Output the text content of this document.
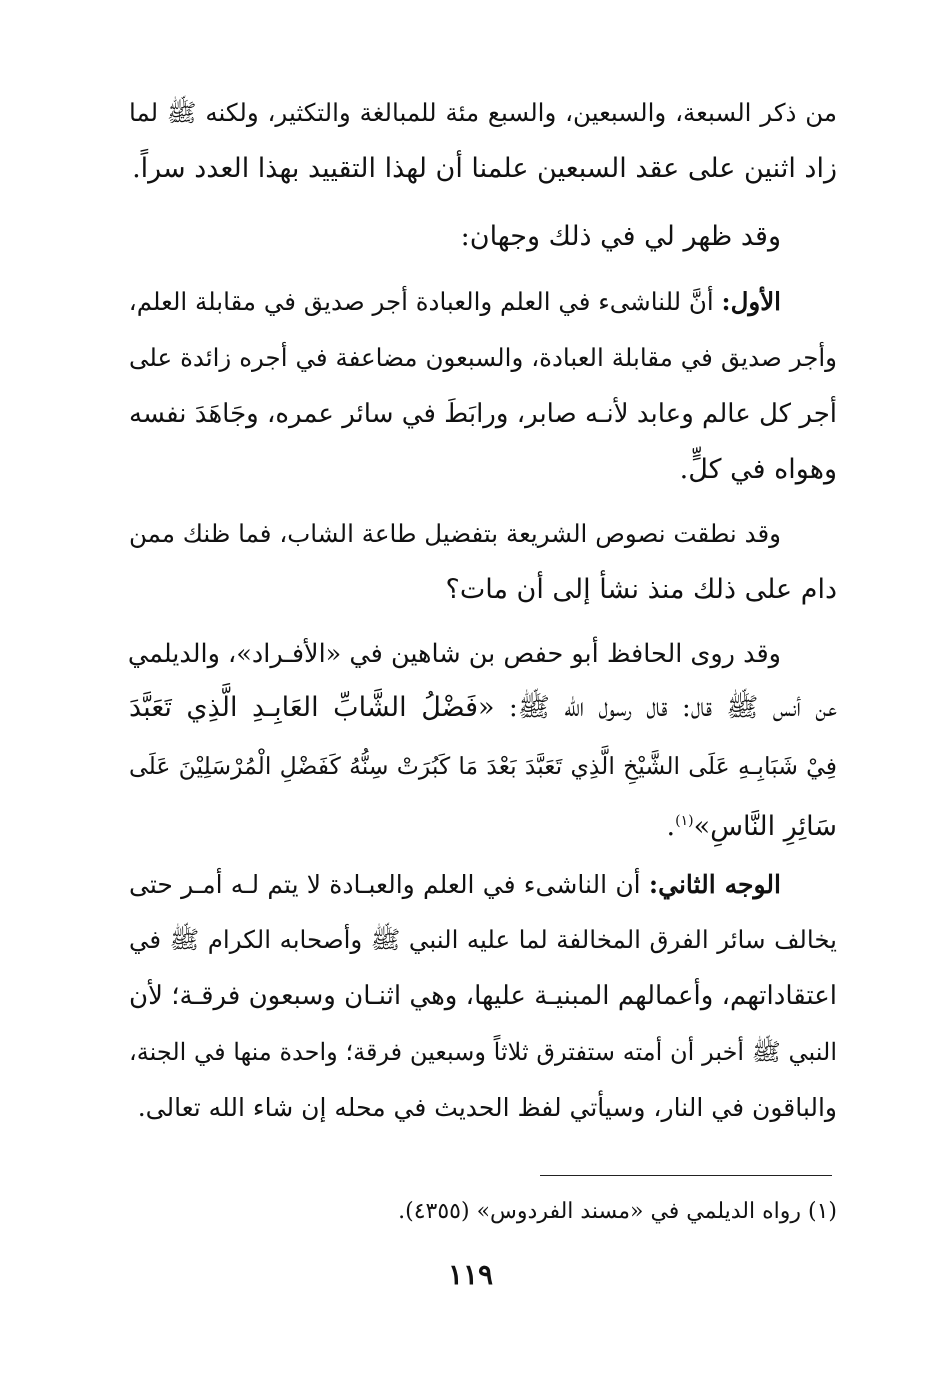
من ذكر السبعة، والسبعين، والسبع مئة للمبالغة والتكثير، ولكنه ﷺ لما
زاد اثنين على عقد السبعين علمنا أن لهذا التقييد بهذا العدد سراً.
وقد ظهر لي في ذلك وجهان:
الأول: أنَّ للناشىء في العلم والعبادة أجر صديق في مقابلة العلم،
وأجر صديق في مقابلة العبادة، والسبعون مضاعفة في أجره زائدة على
أجر كل عالم وعابد لأنـه صابر، ورابَطَ في سائر عمره، وجَاهَدَ نفسه
وهواه في كلٍّ.
وقد نطقت نصوص الشريعة بتفضيل طاعة الشاب، فما ظنك ممن
دام على ذلك منذ نشأ إلى أن مات؟
وقد روى الحافظ أبو حفص بن شاهين في «الأفـراد»، والديلمي
عن أنس ﷺ قال: قال رسول الله ﷺ: «فَضْلُ الشَّابِّ العَابِـدِ الَّذِي تَعَبَّدَ
فِيْ شَبَابِـهِ عَلَى الشَّيْخِ الَّذِي تَعَبَّدَ بَعْدَ مَا كَبُرَتْ سِنُّهُ كَفَضْلِ الْمُرْسَلِيْنَ عَلَى
سَائِرِ النَّاسِ»$^{(١)}$.
الوجه الثاني: أن الناشىء في العلم والعبـادة لا يتم لـه أمـر حتى
يخالف سائر الفرق المخالفة لما عليه النبي ﷺ وأصحابه الكرام ﷺ في
اعتقاداتهم، وأعمالهم المبنيـة عليها، وهي اثنـان وسبعون فرقـة؛ لأن
النبي ﷺ أخبر أن أمته ستفترق ثلاثاً وسبعين فرقة؛ واحدة منها في الجنة،
والباقون في النار، وسيأتي لفظ الحديث في محله إن شاء الله تعالى.
(١) رواه الديلمي في «مسند الفردوس» (٤٣٥٥).
١١٩
